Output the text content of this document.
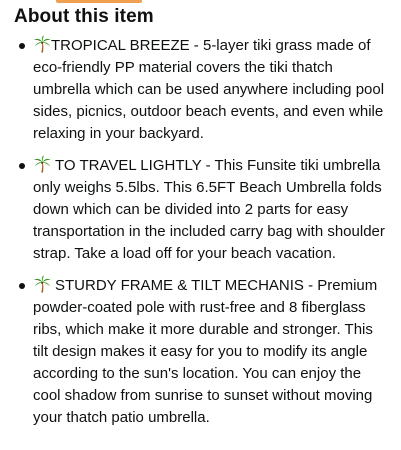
About this item
TROPICAL BREEZE - 5-layer tiki grass made of eco-friendly PP material covers the tiki thatch umbrella which can be used anywhere including pool sides, picnics, outdoor beach events, and even while relaxing in your backyard.
TO TRAVEL LIGHTLY - This Funsite tiki umbrella only weighs 5.5lbs. This 6.5FT Beach Umbrella folds down which can be divided into 2 parts for easy transportation in the included carry bag with shoulder strap. Take a load off for your beach vacation.
STURDY FRAME & TILT MECHANIS - Premium powder-coated pole with rust-free and 8 fiberglass ribs, which make it more durable and stronger. This tilt design makes it easy for you to modify its angle according to the sun's location. You can enjoy the cool shadow from sunrise to sunset without moving your thatch patio umbrella.
